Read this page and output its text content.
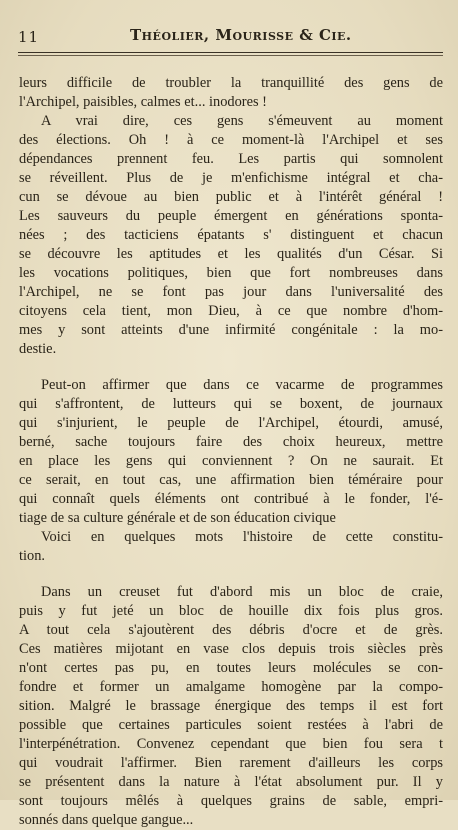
11	Théolier, Mourisse & Cie.
leurs difficile de troubler la tranquillité des gens de
l'Archipel, paisibles, calmes et... inodores !
A vrai dire, ces gens s'émeuvent au moment
des élections. Oh ! à ce moment-là l'Archipel et ses
dépendances prennent feu. Les partis qui somnolent
se réveillent. Plus de je m'enfichisme intégral et cha-
cun se dévoue au bien public et à l'intérêt général !
Les sauveurs du peuple émergent en générations sponta-
nées ; des tacticiens épatants s' distinguent et chacun
se découvre les aptitudes et les qualités d'un César. Si
les vocations politiques, bien que fort nombreuses dans
l'Archipel, ne se font pas jour dans l'universalité des
citoyens cela tient, mon Dieu, à ce que nombre d'hom-
mes y sont atteints d'une infirmité congénitale : la mo-
destie.
Peut-on affirmer que dans ce vacarme de programmes
qui s'affrontent, de lutteurs qui se boxent, de journaux
qui s'injurient, le peuple de l'Archipel, étourdi, amusé,
berné, sache toujours faire des choix heureux, mettre
en place les gens qui conviennent ? On ne saurait. Et
ce serait, en tout cas, une affirmation bien téméraire pour
qui connaît quels éléments ont contribué à le fonder, l'é-
tiage de sa culture générale et de son éducation civique
Voici en quelques mots l'histoire de cette constitu-
tion.
Dans un creuset fut d'abord mis un bloc de craie,
puis y fut jeté un bloc de houille dix fois plus gros.
A tout cela s'ajoutèrent des débris d'ocre et de grès.
Ces matières mijotant en vase clos depuis trois siècles près
n'ont certes pas pu, en toutes leurs molécules se con-
fondre et former un amalgame homogène par la compo-
sition. Malgré le brassage énergique des temps il est fort
possible que certaines particules soient restées à l'abri de
l'interpénétration. Convenez cependant que bien fou sera t
qui voudrait l'affirmer. Bien rarement d'ailleurs les corps
se présentent dans la nature à l'état absolument pur. Il y
sont toujours mêlés à quelques grains de sable, empri-
sonnés dans quelque gangue...
